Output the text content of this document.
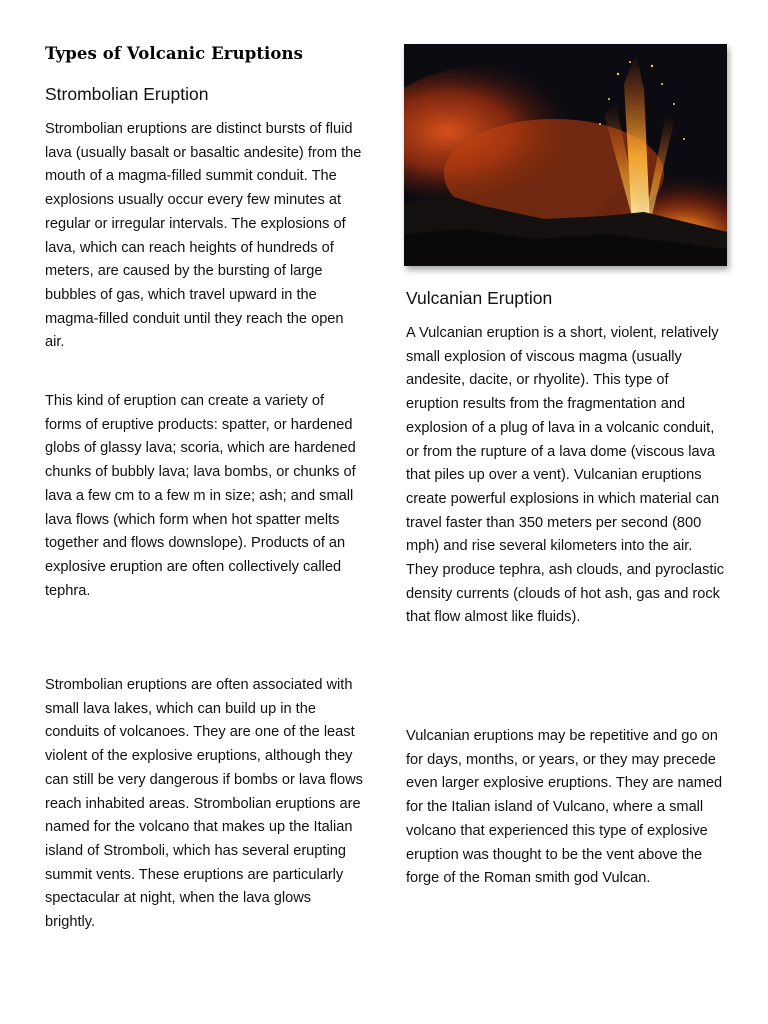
Types of Volcanic Eruptions
Strombolian Eruption

Strombolian eruptions are distinct bursts of fluid lava (usually basalt or basaltic andesite) from the mouth of a magma-filled summit conduit. The explosions usually occur every few minutes at regular or irregular intervals. The explosions of lava, which can reach heights of hundreds of meters, are caused by the bursting of large bubbles of gas, which travel upward in the magma-filled conduit until they reach the open air.

This kind of eruption can create a variety of forms of eruptive products: spatter, or hardened globs of glassy lava; scoria, which are hardened chunks of bubbly lava; lava bombs, or chunks of lava a few cm to a few m in size; ash; and small lava flows (which form when hot spatter melts together and flows downslope). Products of an explosive eruption are often collectively called tephra.

Strombolian eruptions are often associated with small lava lakes, which can build up in the conduits of volcanoes. They are one of the least violent of the explosive eruptions, although they can still be very dangerous if bombs or lava flows reach inhabited areas. Strombolian eruptions are named for the volcano that makes up the Italian island of Stromboli, which has several erupting summit vents. These eruptions are particularly spectacular at night, when the lava glows brightly.

Vulcanian Eruption

A Vulcanian eruption is a short, violent, relatively small explosion of viscous magma (usually andesite, dacite, or rhyolite). This type of eruption results from the fragmentation and explosion of a plug of lava in a volcanic conduit, or from the rupture of a lava dome (viscous lava that piles up over a vent). Vulcanian eruptions create powerful explosions in which material can travel faster than 350 meters per second (800 mph) and rise several kilometers into the air. They produce tephra, ash clouds, and pyroclastic density currents (clouds of hot ash, gas and rock that flow almost like fluids).

Vulcanian eruptions may be repetitive and go on for days, months, or years, or they may precede even larger explosive eruptions. They are named for the Italian island of Vulcano, where a small volcano that experienced this type of explosive eruption was thought to be the vent above the forge of the Roman smith god Vulcan.
